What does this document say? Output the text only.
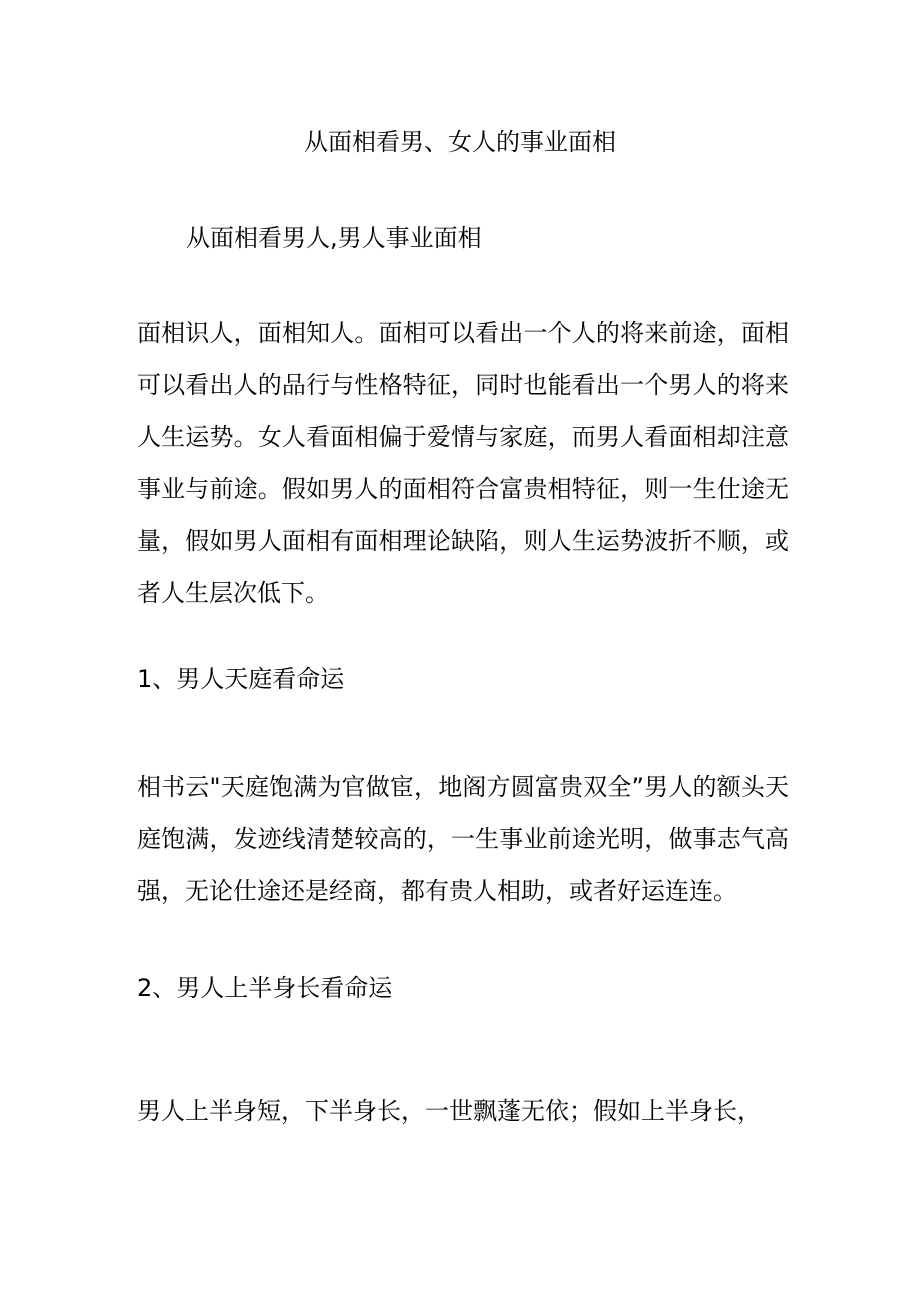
从面相看男、女人的事业面相
从面相看男人,男人事业面相

面相识人，面相知人。面相可以看出一个人的将来前途，面相可以看出人的品行与性格特征，同时也能看出一个男人的将来人生运势。女人看面相偏于爱情与家庭，而男人看面相却注意事业与前途。假如男人的面相符合富贵相特征，则一生仕途无量，假如男人面相有面相理论缺陷，则人生运势波折不顺，或者人生层次低下。

1、男人天庭看命运

相书云"天庭饱满为官做宦，地阁方圆富贵双全”男人的额头天庭饱满，发迹线清楚较高的，一生事业前途光明，做事志气高强，无论仕途还是经商，都有贵人相助，或者好运连连。

2、男人上半身长看命运

男人上半身短，下半身长，一世飘蓬无依；假如上半身长，
